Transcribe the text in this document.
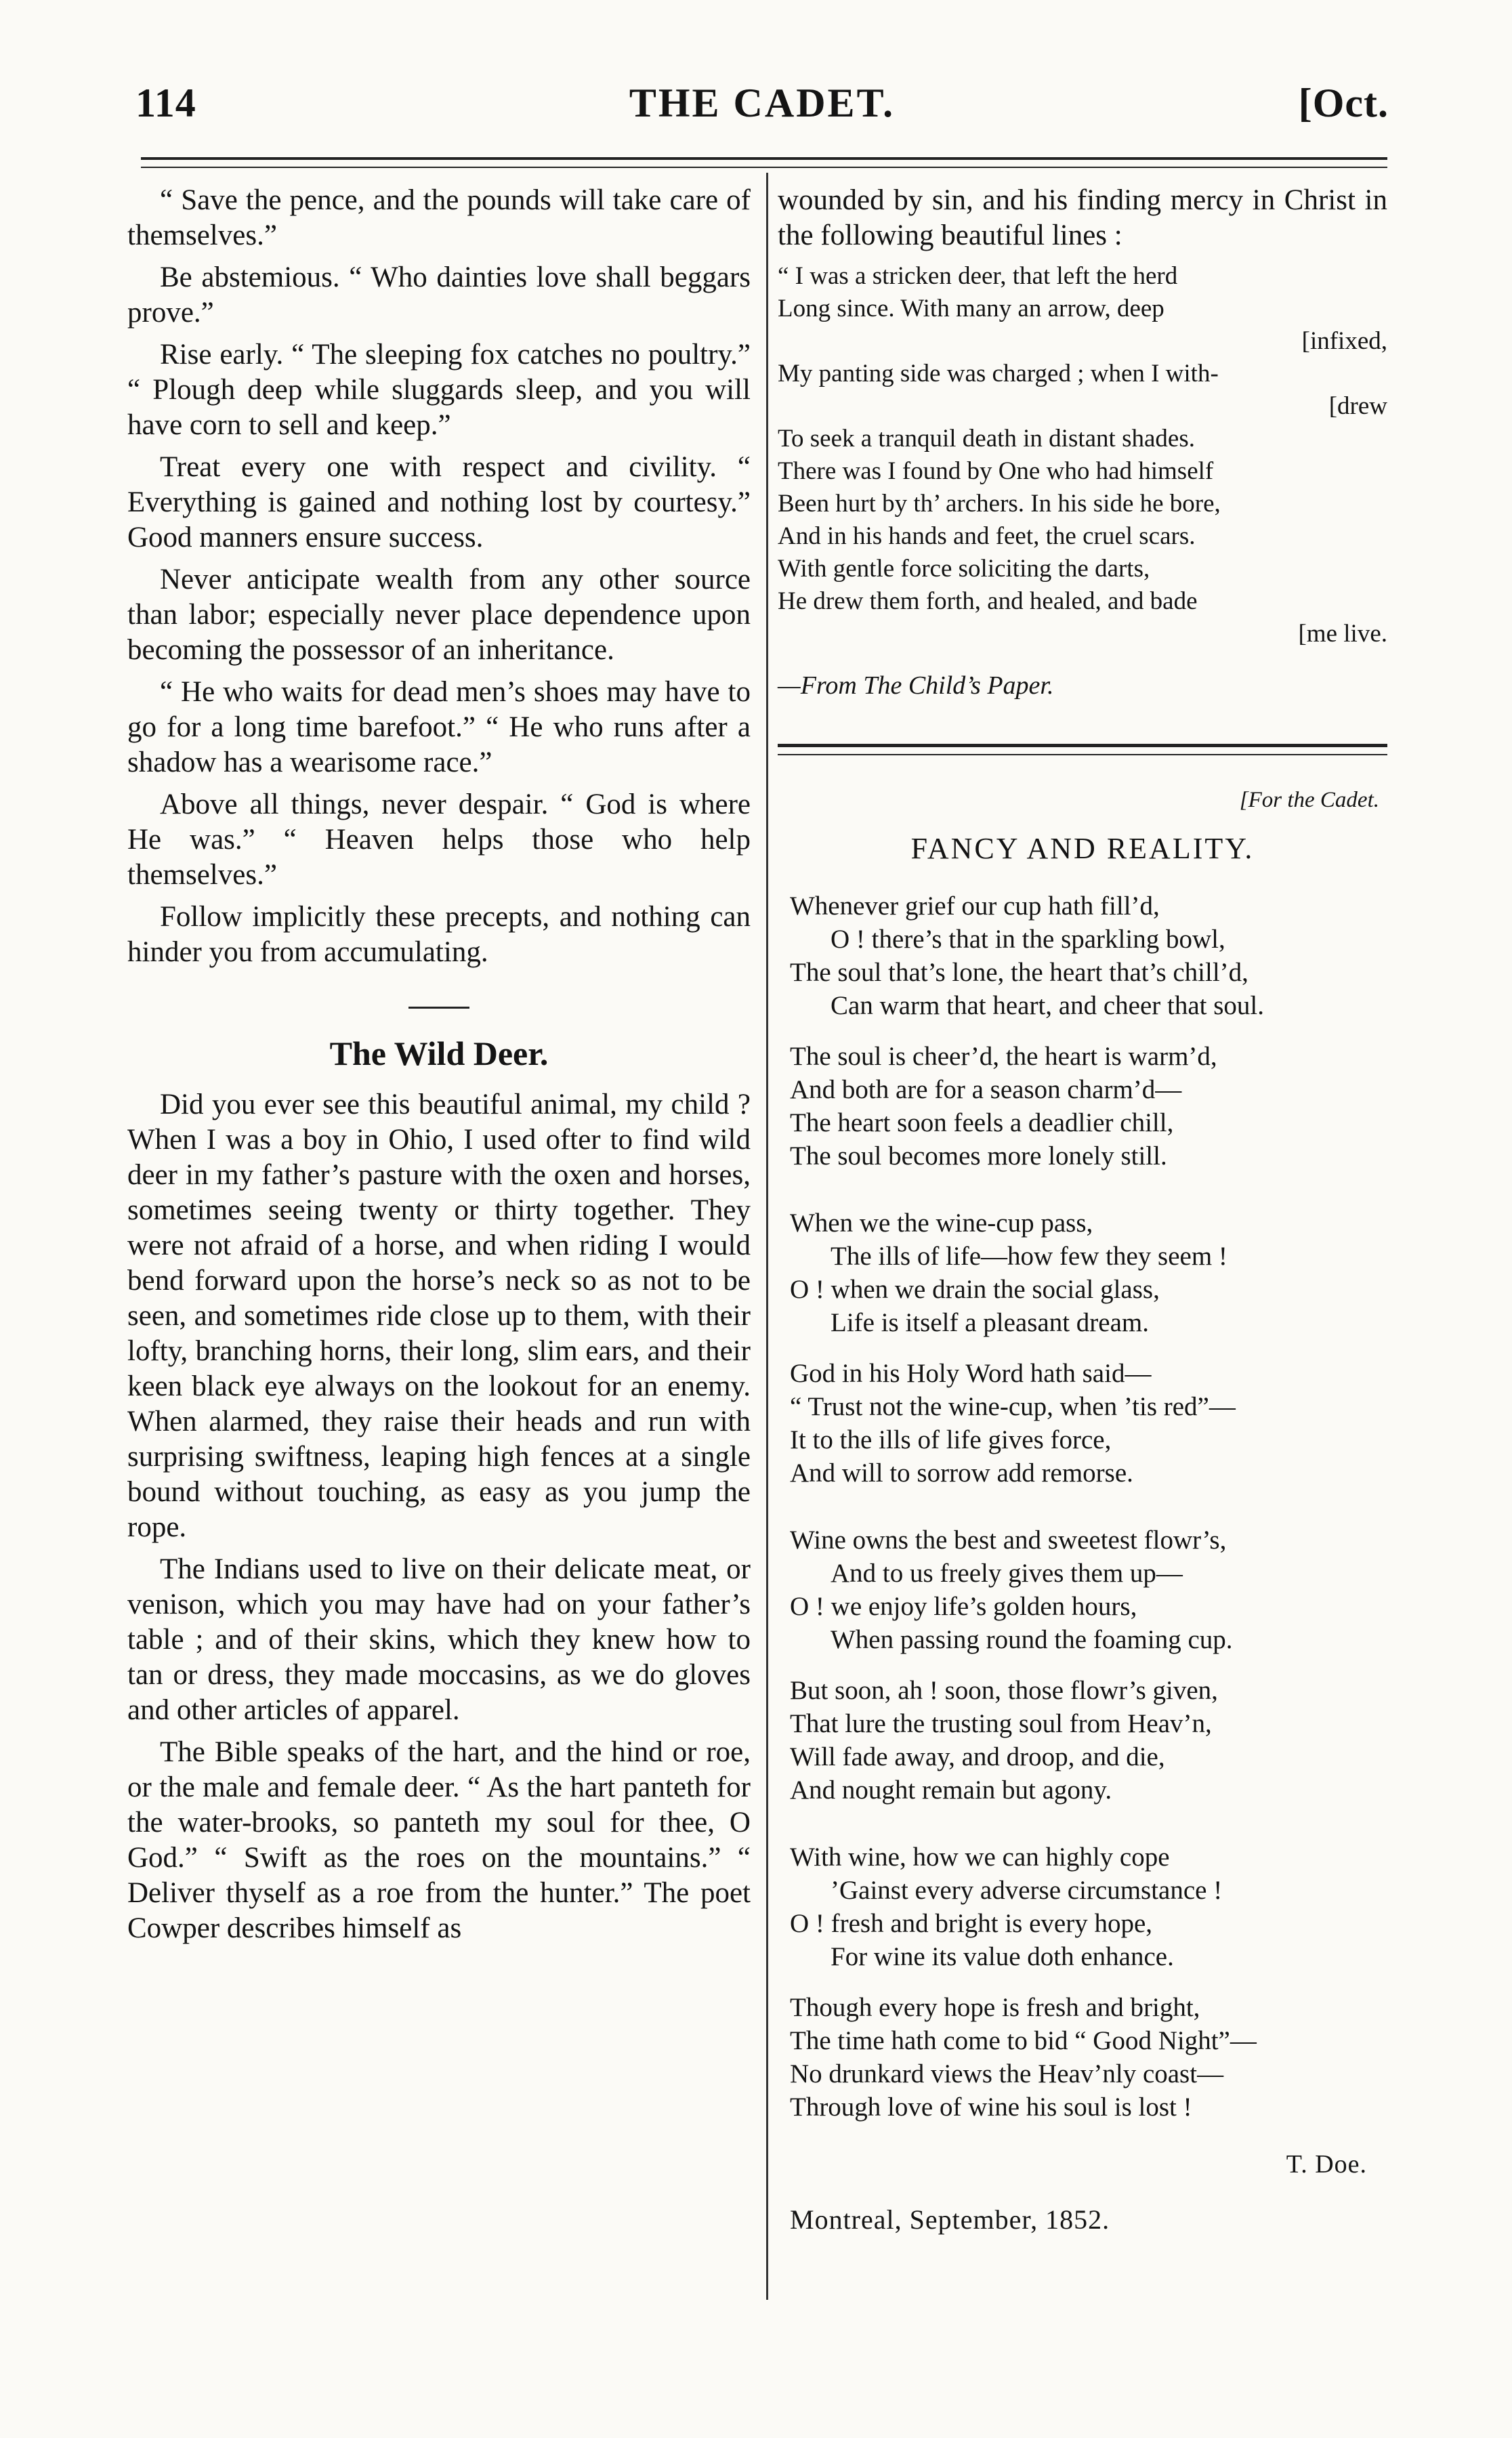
114	THE CADET.	[Oct.

“ Save the pence, and the pounds will take care of themselves.”

Be abstemious. “ Who dainties love shall beggars prove.”

Rise early. “ The sleeping fox catches no poultry.” “ Plough deep while sluggards sleep, and you will have corn to sell and keep.”

Treat every one with respect and civility. “ Everything is gained and nothing lost by courtesy.” Good manners ensure success.

Never anticipate wealth from any other source than labor; especially never place dependence upon becoming the possessor of an inheritance.

“ He who waits for dead men’s shoes may have to go for a long time barefoot.” “ He who runs after a shadow has a wearisome race.”

Above all things, never despair. “ God is where He was.” “ Heaven helps those who help themselves.”

Follow implicitly these precepts, and nothing can hinder you from accumulating.

The Wild Deer.

Did you ever see this beautiful animal, my child ? When I was a boy in Ohio, I used ofter to find wild deer in my father’s pasture with the oxen and horses, sometimes seeing twenty or thirty together. They were not afraid of a horse, and when riding I would bend forward upon the horse’s neck so as not to be seen, and sometimes ride close up to them, with their lofty, branching horns, their long, slim ears, and their keen black eye always on the lookout for an enemy. When alarmed, they raise their heads and run with surprising swiftness, leaping high fences at a single bound without touching, as easy as you jump the rope.

The Indians used to live on their delicate meat, or venison, which you may have had on your father’s table ; and of their skins, which they knew how to tan or dress, they made moccasins, as we do gloves and other articles of apparel.

The Bible speaks of the hart, and the hind or roe, or the male and female deer. “ As the hart panteth for the water-brooks, so panteth my soul for thee, O God.” “ Swift as the roes on the mountains.” “ Deliver thyself as a roe from the hunter.” The poet Cowper describes himself as

wounded by sin, and his finding mercy in Christ in the following beautiful lines :

“ I was a stricken deer, that left the herd
Long since. With many an arrow, deep
[infixed,
My panting side was charged ; when I with-
[drew
To seek a tranquil death in distant shades.
There was I found by One who had himself
Been hurt by th’ archers. In his side he bore,
And in his hands and feet, the cruel scars.
With gentle force soliciting the darts,
He drew them forth, and healed, and bade
[me live.
—From The Child’s Paper.
[For the Cadet.
FANCY AND REALITY.
Whenever grief our cup hath fill’d,
O ! there’s that in the sparkling bowl,
The soul that’s lone, the heart that’s chill’d,
Can warm that heart, and cheer that soul.
The soul is cheer’d, the heart is warm’d,
And both are for a season charm’d—
The heart soon feels a deadlier chill,
The soul becomes more lonely still.
When we the wine-cup pass,
The ills of life—how few they seem !
O ! when we drain the social glass,
Life is itself a pleasant dream.
God in his Holy Word hath said—
“ Trust not the wine-cup, when ’tis red”—
It to the ills of life gives force,
And will to sorrow add remorse.
Wine owns the best and sweetest flowr’s,
And to us freely gives them up—
O ! we enjoy life’s golden hours,
When passing round the foaming cup.
But soon, ah ! soon, those flowr’s given,
That lure the trusting soul from Heav’n,
Will fade away, and droop, and die,
And nought remain but agony.
With wine, how we can highly cope
’Gainst every adverse circumstance !
O ! fresh and bright is every hope,
For wine its value doth enhance.
Though every hope is fresh and bright,
The time hath come to bid “ Good Night”—
No drunkard views the Heav’nly coast—
Through love of wine his soul is lost !
T. Doe.
Montreal, September, 1852.
